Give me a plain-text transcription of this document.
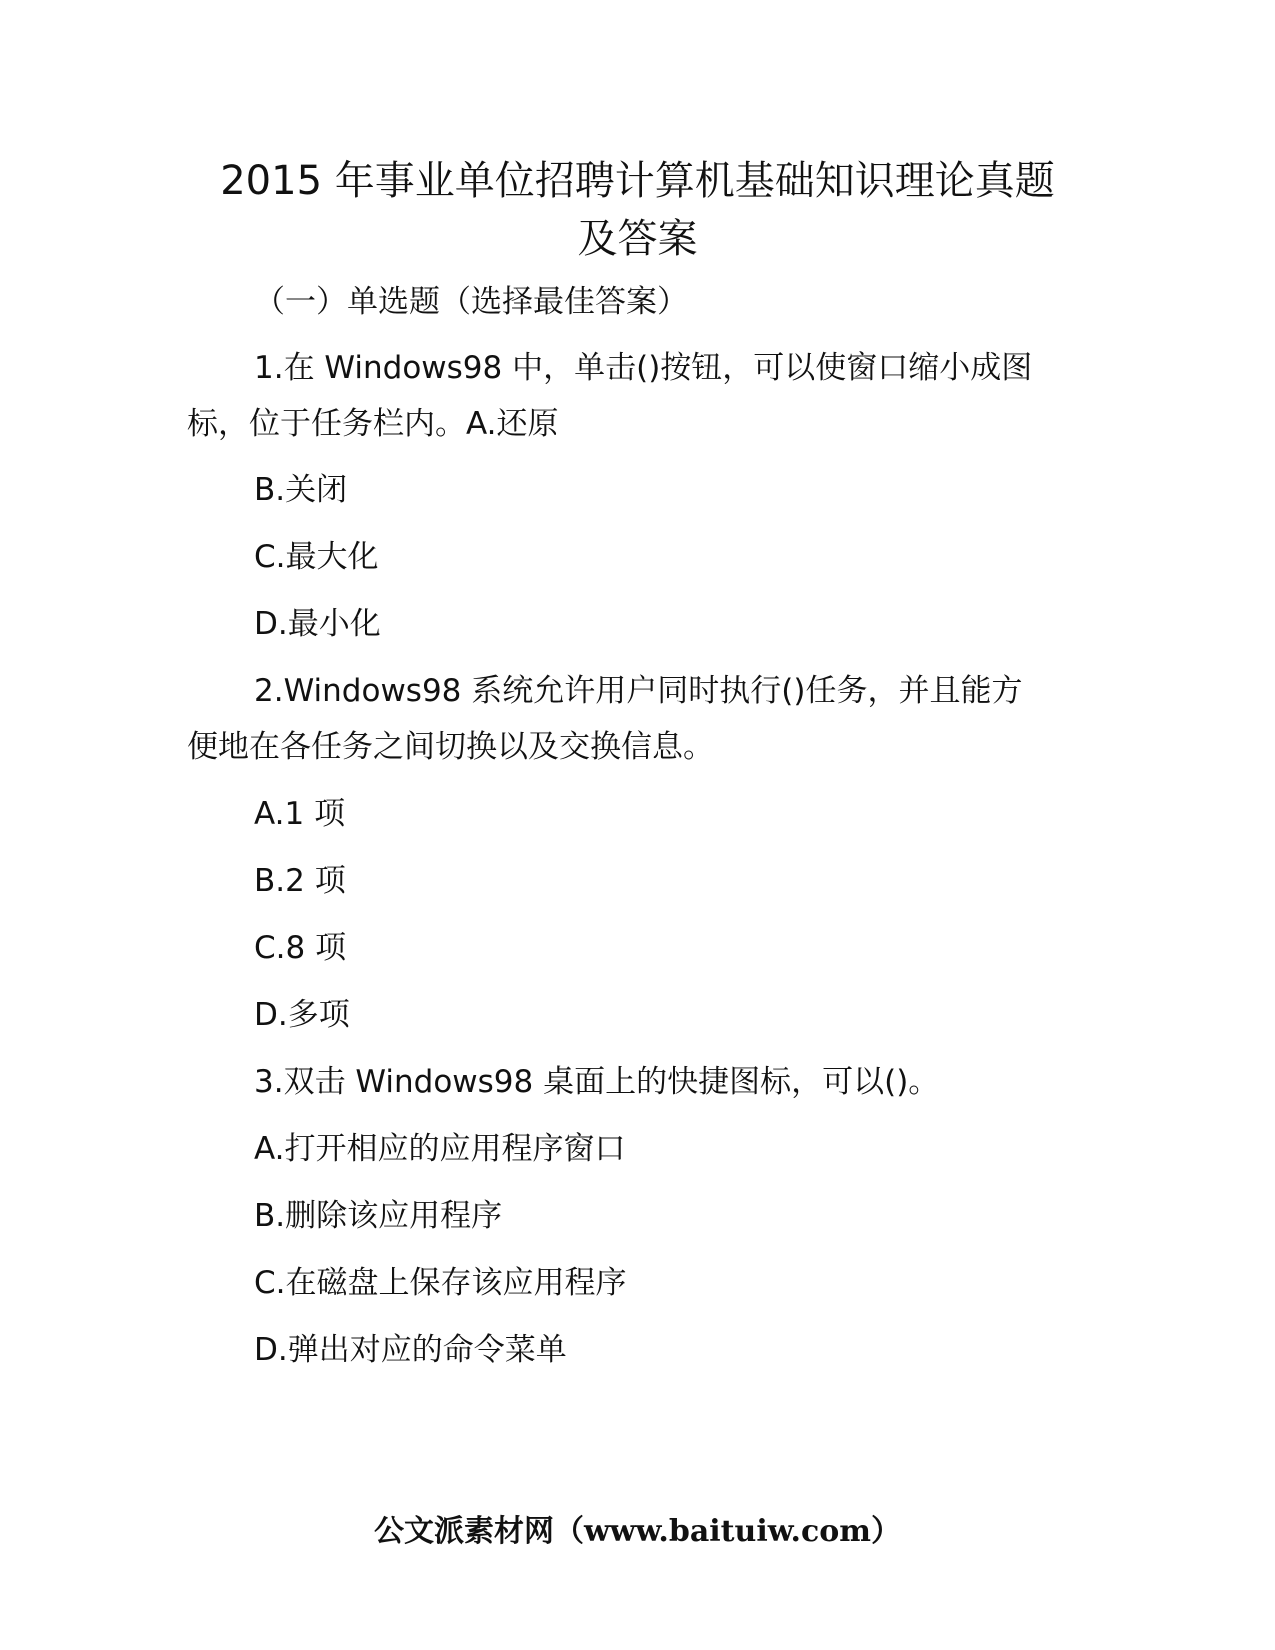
2015 年事业单位招聘计算机基础知识理论真题
及答案
（一）单选题（选择最佳答案）
1.在 Windows98 中，单击()按钮，可以使窗口缩小成图
标，位于任务栏内。A.还原
B.关闭
C.最大化
D.最小化
2.Windows98 系统允许用户同时执行()任务，并且能方
便地在各任务之间切换以及交换信息。
A.1 项
B.2 项
C.8 项
D.多项
3.双击 Windows98 桌面上的快捷图标，可以()。
A.打开相应的应用程序窗口
B.删除该应用程序
C.在磁盘上保存该应用程序
D.弹出对应的命令菜单
公文派素材网（www.baituiw.com）
